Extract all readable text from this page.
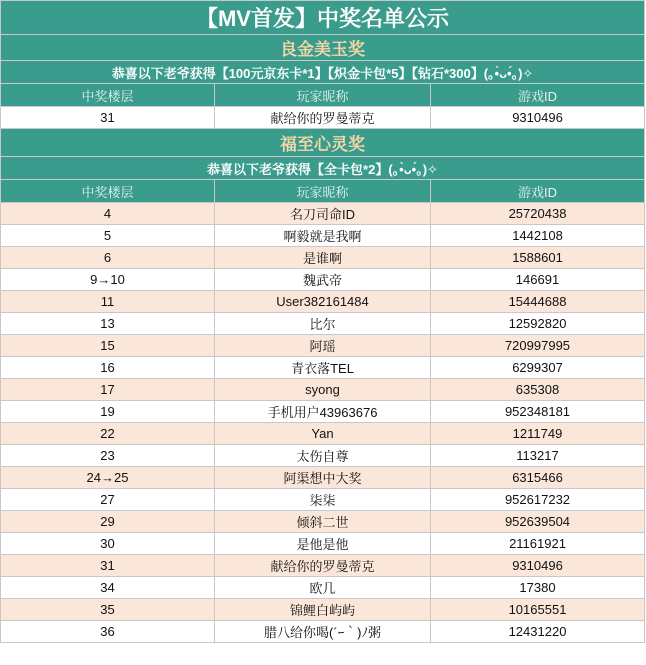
【MV首发】中奖名单公示		
良金美玉奖		
恭喜以下老爷获得【100元京东卡*1】【炽金卡包*5】【钻石*300】(｡•̀ᴗ•́｡)✧		
中奖楼层	玩家昵称	游戏ID
31	献给你的罗曼蒂克	9310496
福至心灵奖		
恭喜以下老爷获得【全卡包*2】(｡•̀ᴗ•́｡)✧		
中奖楼层	玩家昵称	游戏ID
4	名刀司命ID	25720438
5	啊毅就是我啊	1442108
6	是谁啊	1588601
9→10	魏武帝	146691
11	User382161484	15444688
13	比尔	12592820
15	阿瑶	720997995
16	青衣落TEL	6299307
17	syong	635308
19	手机用户43963676	952348181
22	Yan	1211749
23	太伤自尊	113217
24→25	阿渠想中大奖	6315466
27	柒柒	952617232
29	倾斜二世	952639504
30	是他是他	21161921
31	献给你的罗曼蒂克	9310496
34	欧几	17380
35	锦鲤白屿屿	10165551
36	腊八给你喝(´ｰ｀)ﾉ粥	12431220
